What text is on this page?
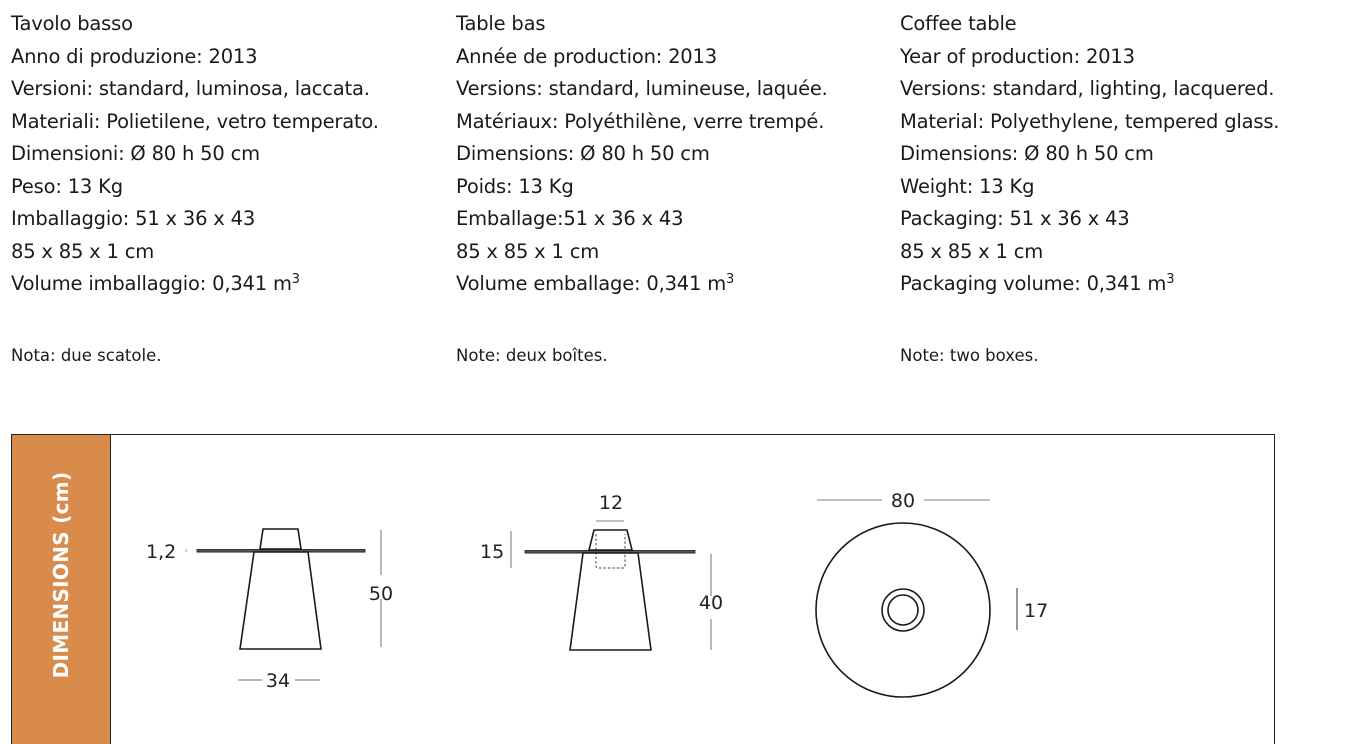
Tavolo basso
Anno di produzione: 2013
Versioni: standard, luminosa, laccata.
Materiali: Polietilene, vetro temperato.
Dimensioni: Ø 80 h 50 cm
Peso: 13 Kg
Imballaggio: 51 x 36 x 43
85 x 85 x 1 cm
Volume imballaggio: 0,341 $m^3$
Nota: due scatole.
Table bas
Année de production: 2013
Versions: standard, lumineuse, laquée.
Matériaux: Polyéthilène, verre trempé.
Dimensions: Ø 80 h 50 cm
Poids: 13 Kg
Emballage:51 x 36 x 43
85 x 85 x 1 cm
Volume emballage: 0,341 $m^3$
Note: deux boîtes.
Coffee table
Year of production: 2013
Versions: standard, lighting, lacquered.
Material: Polyethylene, tempered glass.
Dimensions: Ø 80 h 50 cm
Weight: 13 Kg
Packaging: 51 x 36 x 43
85 x 85 x 1 cm
Packaging volume: 0,341 $m^3$
Note: two boxes.
DIMENSIONS (cm)	1,2
50
34
12
15
40
80
17
